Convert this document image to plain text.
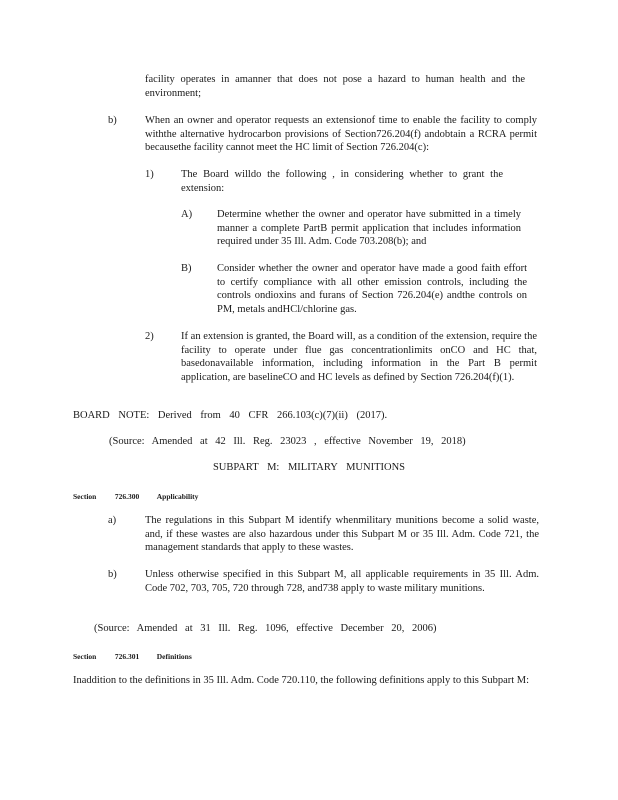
facility operates in amanner that does not pose a hazard to human health and the environment;
b)	When an owner and operator requests an extensionof time to enable the facility to comply withthe alternative hydrocarbon provisions of Section726.204(f) andobtain a RCRA permit becausethe facility cannot meet the HC limit of Section 726.204(c):
1)	The Board willdo the following , in considering whether to grant the extension:
A) Determine whether the owner and operator have submitted in a timely manner a complete PartB permit application that includes information required under 35 Ill. Adm. Code 703.208(b); and
B) Consider whether the owner and operator have made a good faith effort to certify compliance with all other emission controls, including the controls ondioxins and furans of Section 726.204(e) andthe controls on PM, metals andHCl/chlorine gas.
2)	If an extension is granted, the Board will, as a condition of the extension, require the facility to operate under flue gas concentrationlimits onCO and HC that, basedonavailable information, including information in the Part B permit application, are baselineCO and HC levels as defined by Section 726.204(f)(1).
BOARD NOTE: Derived from 40 CFR 266.103(c)(7)(ii) (2017).
(Source: Amended at 42 Ill. Reg. 23023 , effective November 19, 2018)
SUBPART M: MILITARY MUNITIONS
Section 726.300 Applicability
a)	The regulations in this Subpart M identify whenmilitary munitions become a solid waste, and, if these wastes are also hazardous under this Subpart M or 35 Ill. Adm. Code 721, the management standards that apply to these wastes.
b)	Unless otherwise specified in this Subpart M, all applicable requirements in 35 Ill. Adm. Code 702, 703, 705, 720 through 728, and738 apply to waste military munitions.
(Source: Amended at 31 Ill. Reg. 1096, effective December 20, 2006)
Section 726.301 Definitions
Inaddition to the definitions in 35 Ill. Adm. Code 720.110, the following definitions apply to this Subpart M:
